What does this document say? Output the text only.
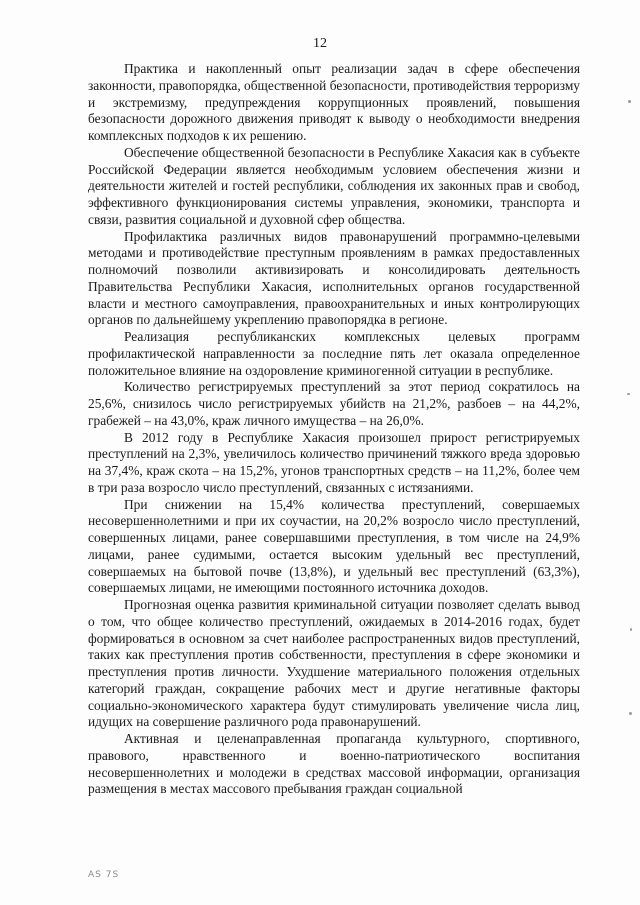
12

Практика и накопленный опыт реализации задач в сфере обеспечения законности, правопорядка, общественной безопасности, противодействия терроризму и экстремизму, предупреждения коррупционных проявлений, повышения безопасности дорожного движения приводят к выводу о необходимости внедрения комплексных подходов к их решению.

Обеспечение общественной безопасности в Республике Хакасия как в субъекте Российской Федерации является необходимым условием обеспечения жизни и деятельности жителей и гостей республики, соблюдения их законных прав и свобод, эффективного функционирования системы управления, экономики, транспорта и связи, развития социальной и духовной сфер общества.

Профилактика различных видов правонарушений программно-целевыми методами и противодействие преступным проявлениям в рамках предоставленных полномочий позволили активизировать и консолидировать деятельность Правительства Республики Хакасия, исполнительных органов государственной власти и местного самоуправления, правоохранительных и иных контролирующих органов по дальнейшему укреплению правопорядка в регионе.

Реализация республиканских комплексных целевых программ профилактической направленности за последние пять лет оказала определенное положительное влияние на оздоровление криминогенной ситуации в республике.

Количество регистрируемых преступлений за этот период сократилось на 25,6%, снизилось число регистрируемых убийств на 21,2%, разбоев – на 44,2%, грабежей – на 43,0%, краж личного имущества – на 26,0%.

В 2012 году в Республике Хакасия произошел прирост регистрируемых преступлений на 2,3%, увеличилось количество причинений тяжкого вреда здоровью на 37,4%, краж скота – на 15,2%, угонов транспортных средств – на 11,2%, более чем в три раза возросло число преступлений, связанных с истязаниями.

При снижении на 15,4% количества преступлений, совершаемых несовершеннолетними и при их соучастии, на 20,2% возросло число преступлений, совершенных лицами, ранее совершавшими преступления, в том числе на 24,9% лицами, ранее судимыми, остается высоким удельный вес преступлений, совершаемых на бытовой почве (13,8%), и удельный вес преступлений (63,3%), совершаемых лицами, не имеющими постоянного источника доходов.

Прогнозная оценка развития криминальной ситуации позволяет сделать вывод о том, что общее количество преступлений, ожидаемых в 2014-2016 годах, будет формироваться в основном за счет наиболее распространенных видов преступлений, таких как преступления против собственности, преступления в сфере экономики и преступления против личности. Ухудшение материального положения отдельных категорий граждан, сокращение рабочих мест и другие негативные факторы социально-экономического характера будут стимулировать увеличение числа лиц, идущих на совершение различного рода правонарушений.

Активная и целенаправленная пропаганда культурного, спортивного, правового, нравственного и военно-патриотического воспитания несовершеннолетних и молодежи в средствах массовой информации, организация размещения в местах массового пребывания граждан социальной

AS 7S
